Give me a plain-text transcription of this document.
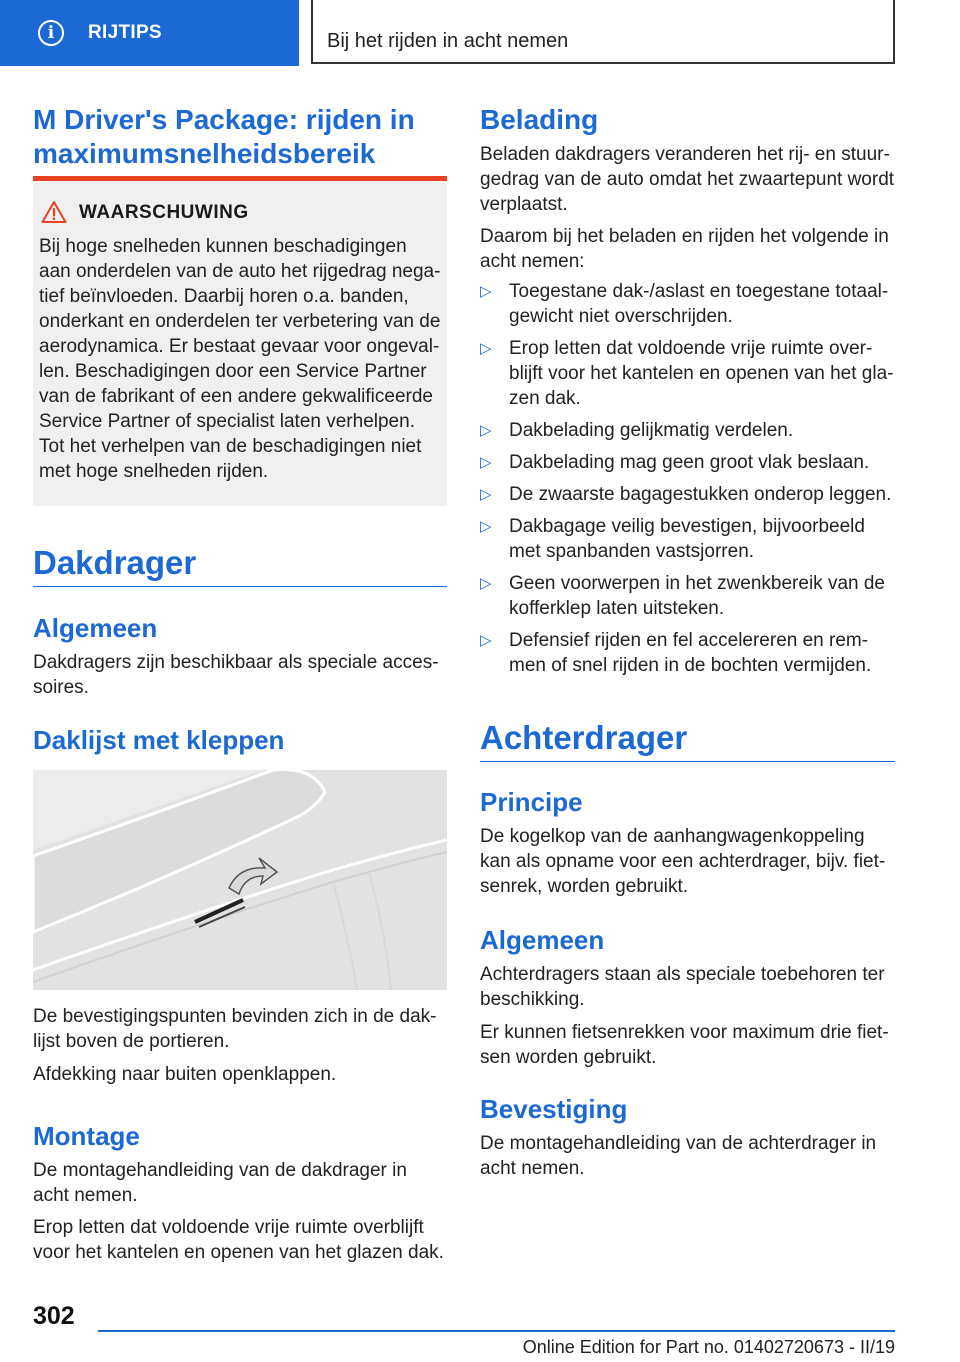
i	RIJTIPS	Bij het rijden in acht nemen
M Driver's Package: rijden in maximumsnelheidsbereik
WAARSCHUWING

Bij hoge snelheden kunnen beschadigingen aan onderdelen van de auto het rijgedrag negatief beïnvloeden. Daarbij horen o.a. banden, onderkant en onderdelen ter verbetering van de aerodynamica. Er bestaat gevaar voor ongevallen. Beschadigingen door een Service Partner van de fabrikant of een andere gekwalificeerde Service Partner of specialist laten verhelpen. Tot het verhelpen van de beschadigingen niet met hoge snelheden rijden.

Dakdrager
Algemeen

Dakdragers zijn beschikbaar als speciale accessoires.

Daklijst met kleppen

De bevestigingspunten bevinden zich in de daklijst boven de portieren.

Afdekking naar buiten openklappen.

Montage

De montagehandleiding van de dakdrager in acht nemen.

Erop letten dat voldoende vrije ruimte overblijft voor het kantelen en openen van het glazen dak.

Belading

Beladen dakdragers veranderen het rij- en stuurgedrag van de auto omdat het zwaartepunt wordt verplaatst.

Daarom bij het beladen en rijden het volgende in acht nemen:

▷ Toegestane dak-/aslast en toegestane totaalgewicht niet overschrijden.
▷ Erop letten dat voldoende vrije ruimte overblijft voor het kantelen en openen van het glazen dak.
▷ Dakbelading gelijkmatig verdelen.
▷ Dakbelading mag geen groot vlak beslaan.
▷ De zwaarste bagagestukken onderop leggen.
▷ Dakbagage veilig bevestigen, bijvoorbeeld met spanbanden vastsjorren.
▷ Geen voorwerpen in het zwenkbereik van de kofferklep laten uitsteken.
▷ Defensief rijden en fel accelereren en remmen of snel rijden in de bochten vermijden.
Achterdrager
Principe

De kogelkop van de aanhangwagenkoppeling kan als opname voor een achterdrager, bijv. fietsenrek, worden gebruikt.

Algemeen

Achterdragers staan als speciale toebehoren ter beschikking.

Er kunnen fietsenrekken voor maximum drie fietsen worden gebruikt.

Bevestiging

De montagehandleiding van de achterdrager in acht nemen.

302
Online Edition for Part no. 01402720673 - II/19
